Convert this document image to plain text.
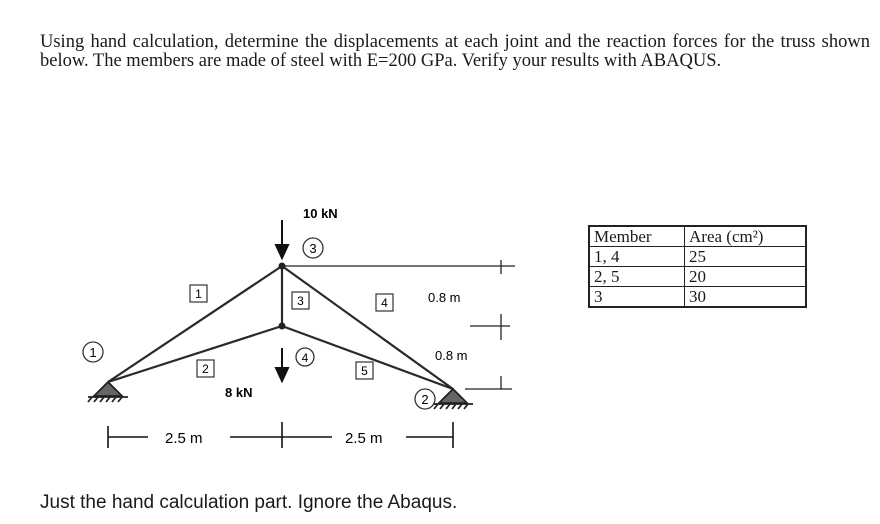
Using hand calculation, determine the displacements at each joint and the reaction forces for the truss shown below. The members are made of steel with E=200 GPa. Verify your results with ABAQUS.

1
3
4
2
1
2
3	4
5
10 kN
8 kN
0.8 m
0.8 m
2.5 m	2.5 m
Member	Area (cm²)
1, 4	25
2, 5	20
3	30
Just the hand calculation part. Ignore the Abaqus.
